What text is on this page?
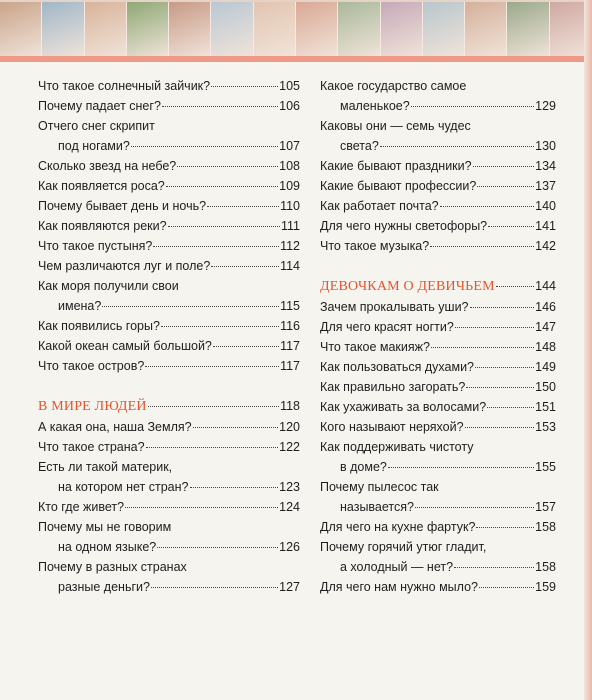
Что такое солнечный зайчик?	105
Почему падает снег?	106
Отчего снег скрипит
под ногами?	107
Сколько звезд на небе?	108
Как появляется роса?	109
Почему бывает день и ночь?	110
Как появляются реки?	111
Что такое пустыня?	112
Чем различаются луг и поле?	114
Как моря получили свои
имена?	115
Как появились горы?	116
Какой океан самый большой?	117
Что такое остров?	117
В МИРЕ ЛЮДЕЙ	118
А какая она, наша Земля?	120
Что такое страна?	122
Есть ли такой материк,
на котором нет стран?	123
Кто где живет?	124
Почему мы не говорим
на одном языке?	126
Почему в разных странах
разные деньги?	127
Какое государство самое
маленькое?	129
Каковы они — семь чудес
света?	130
Какие бывают праздники?	134
Какие бывают профессии?	137
Как работает почта?	140
Для чего нужны светофоры?	141
Что такое музыка?	142
ДЕВОЧКАМ О ДЕВИЧЬЕМ	144
Зачем прокалывать уши?	146
Для чего красят ногти?	147
Что такое макияж?	148
Как пользоваться духами?	149
Как правильно загорать?	150
Как ухаживать за волосами?	151
Кого называют неряхой?	153
Как поддерживать чистоту
в доме?	155
Почему пылесос так
называется?	157
Для чего на кухне фартук?	158
Почему горячий утюг гладит,
а холодный — нет?	158
Для чего нам нужно мыло?	159
